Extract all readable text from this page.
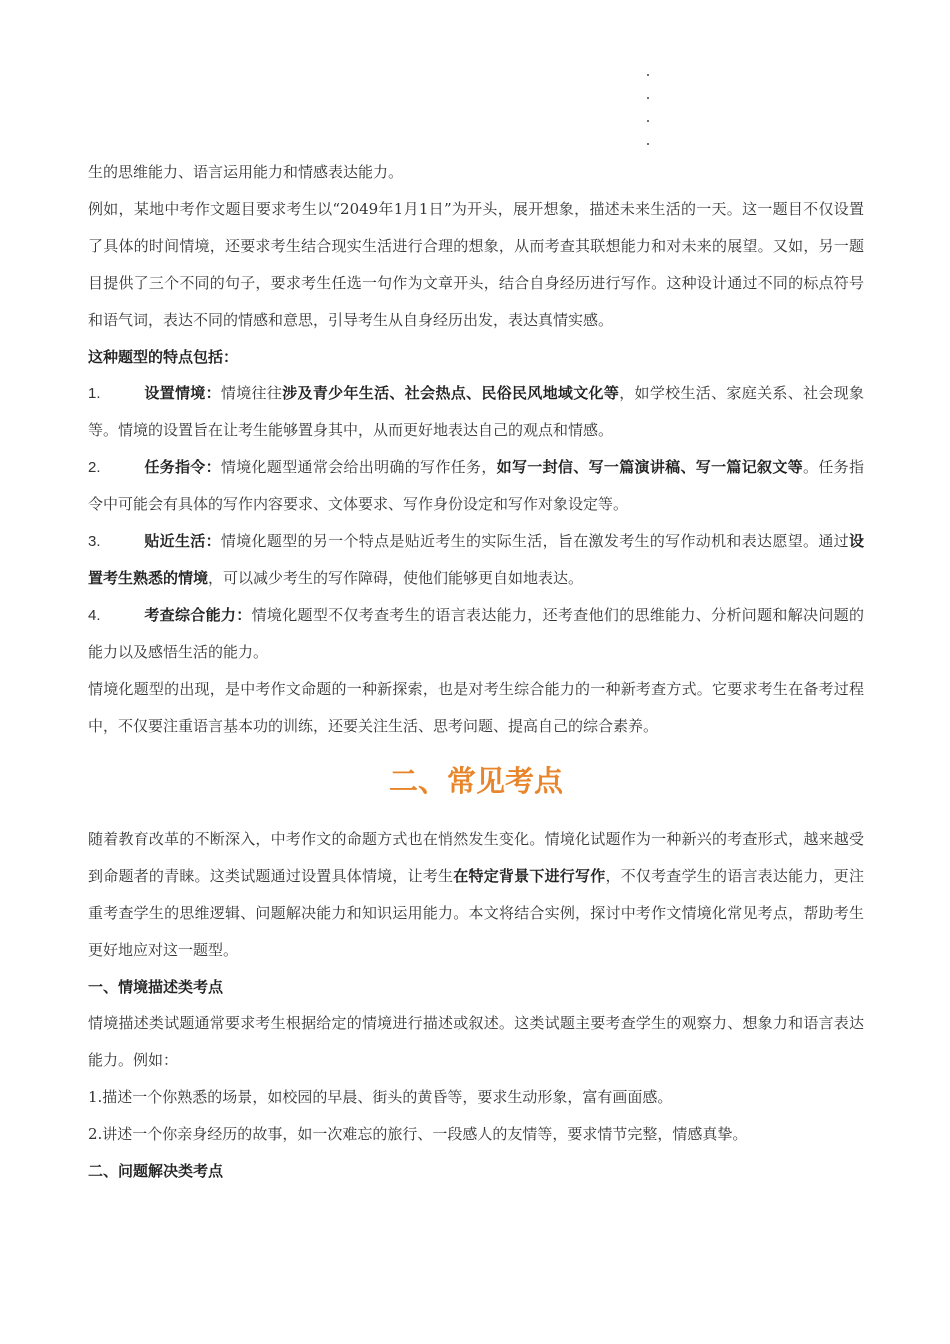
生的思维能力、语言运用能力和情感表达能力。

例如，某地中考作文题目要求考生以“2049年1月1日”为开头，展开想象，描述未来生活的一天。这一题目不仅设置了具体的时间情境，还要求考生结合现实生活进行合理的想象，从而考查其联想能力和对未来的展望。又如，另一题目提供了三个不同的句子，要求考生任选一句作为文章开头，结合自身经历进行写作。这种设计通过不同的标点符号和语气词，表达不同的情感和意思，引导考生从自身经历出发，表达真情实感。

这种题型的特点包括：

1.	设置情境：情境往往涉及青少年生活、社会热点、民俗民风地域文化等，如学校生活、家庭关系、社会现象等。情境的设置旨在让考生能够置身其中，从而更好地表达自己的观点和情感。

2.	任务指令：情境化题型通常会给出明确的写作任务，如写一封信、写一篇演讲稿、写一篇记叙文等。任务指令中可能会有具体的写作内容要求、文体要求、写作身份设定和写作对象设定等。

3.	贴近生活：情境化题型的另一个特点是贴近考生的实际生活，旨在激发考生的写作动机和表达愿望。通过设置考生熟悉的情境，可以减少考生的写作障碍，使他们能够更自如地表达。

4.	考查综合能力：情境化题型不仅考查考生的语言表达能力，还考查他们的思维能力、分析问题和解决问题的能力以及感悟生活的能力。

情境化题型的出现，是中考作文命题的一种新探索，也是对考生综合能力的一种新考查方式。它要求考生在备考过程中，不仅要注重语言基本功的训练，还要关注生活、思考问题、提高自己的综合素养。

二、常见考点

随着教育改革的不断深入，中考作文的命题方式也在悄然发生变化。情境化试题作为一种新兴的考查形式，越来越受到命题者的青睐。这类试题通过设置具体情境，让考生在特定背景下进行写作，不仅考查学生的语言表达能力，更注重考查学生的思维逻辑、问题解决能力和知识运用能力。本文将结合实例，探讨中考作文情境化常见考点，帮助考生更好地应对这一题型。

一、情境描述类考点

情境描述类试题通常要求考生根据给定的情境进行描述或叙述。这类试题主要考查学生的观察力、想象力和语言表达能力。例如：

1.描述一个你熟悉的场景，如校园的早晨、街头的黄昏等，要求生动形象，富有画面感。

2.讲述一个你亲身经历的故事，如一次难忘的旅行、一段感人的友情等，要求情节完整，情感真挚。

二、问题解决类考点
